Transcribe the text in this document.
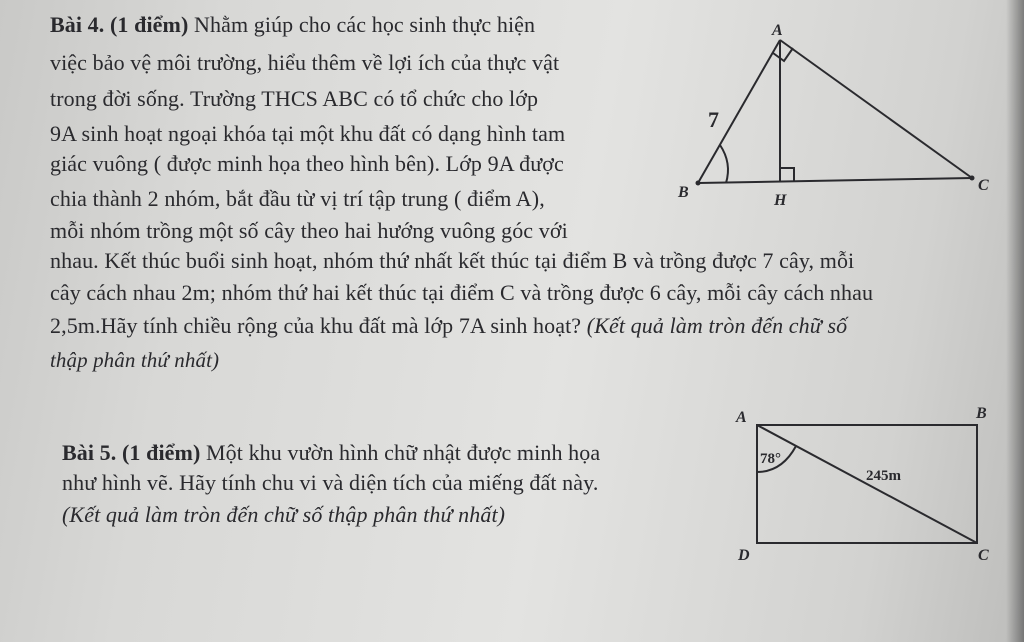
Bài 4. (1 điểm) Nhằm giúp cho các học sinh thực hiện
việc bảo vệ môi trường, hiểu thêm về lợi ích của thực vật
trong đời sống. Trường THCS ABC có tổ chức cho lớp
9A sinh hoạt ngoại khóa tại một khu đất có dạng hình tam
giác vuông ( được minh họa theo hình bên). Lớp 9A được
chia thành 2 nhóm, bắt đầu từ vị trí tập trung ( điểm A),
mỗi nhóm trồng một số cây theo hai hướng vuông góc với
nhau. Kết thúc buổi sinh hoạt, nhóm thứ nhất kết thúc tại điểm B và trồng được 7 cây, mỗi
cây cách nhau 2m; nhóm thứ hai kết thúc tại điểm C và trồng được 6 cây, mỗi cây cách nhau
2,5m.Hãy tính chiều rộng của khu đất mà lớp 7A sinh hoạt? (Kết quả làm tròn đến chữ số
thập phân thứ nhất)
A
B	C
H
7
Bài 5. (1 điểm) Một khu vườn hình chữ nhật được minh họa
như hình vẽ. Hãy tính chu vi và diện tích của miếng đất này.
(Kết quả làm tròn đến chữ số thập phân thứ nhất)
A	B
C
D
78°
245m
